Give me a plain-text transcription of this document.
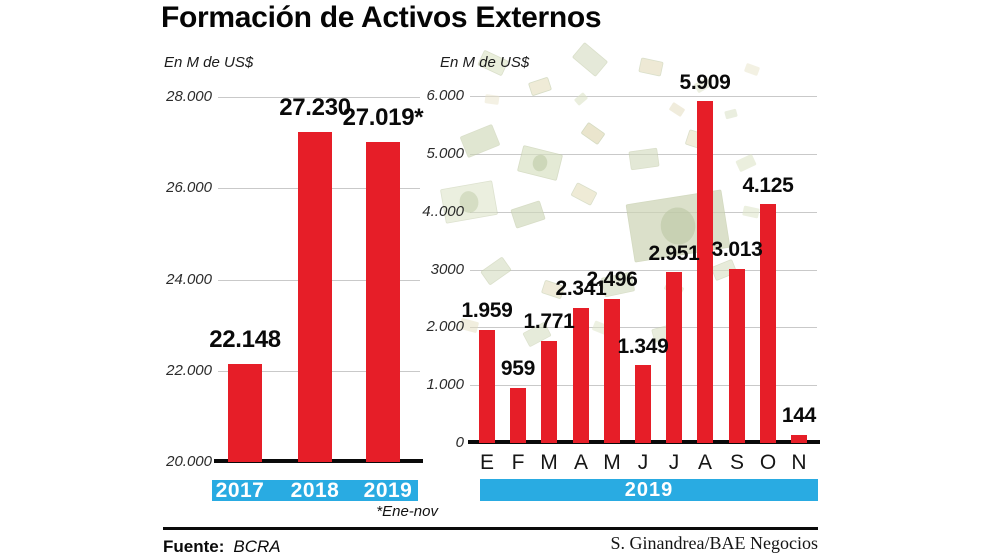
Formación de Activos Externos
En M de US$	En M de US$
2017	2018	2019	2019
*Ene-nov
Fuente: BCRA	S. Ginandrea/BAE Negocios
28.000
26.000
24.000
22.000
20.000
22.148
27.230
27.019*
6.000
5.000
4..000
3000
2.000
1.000
0
1.959
E
959
F
1.771
M
2.341
A
2.496
M
1.349
J
2.951
J
5.909
A
3.013
S
4.125
O
144
N
